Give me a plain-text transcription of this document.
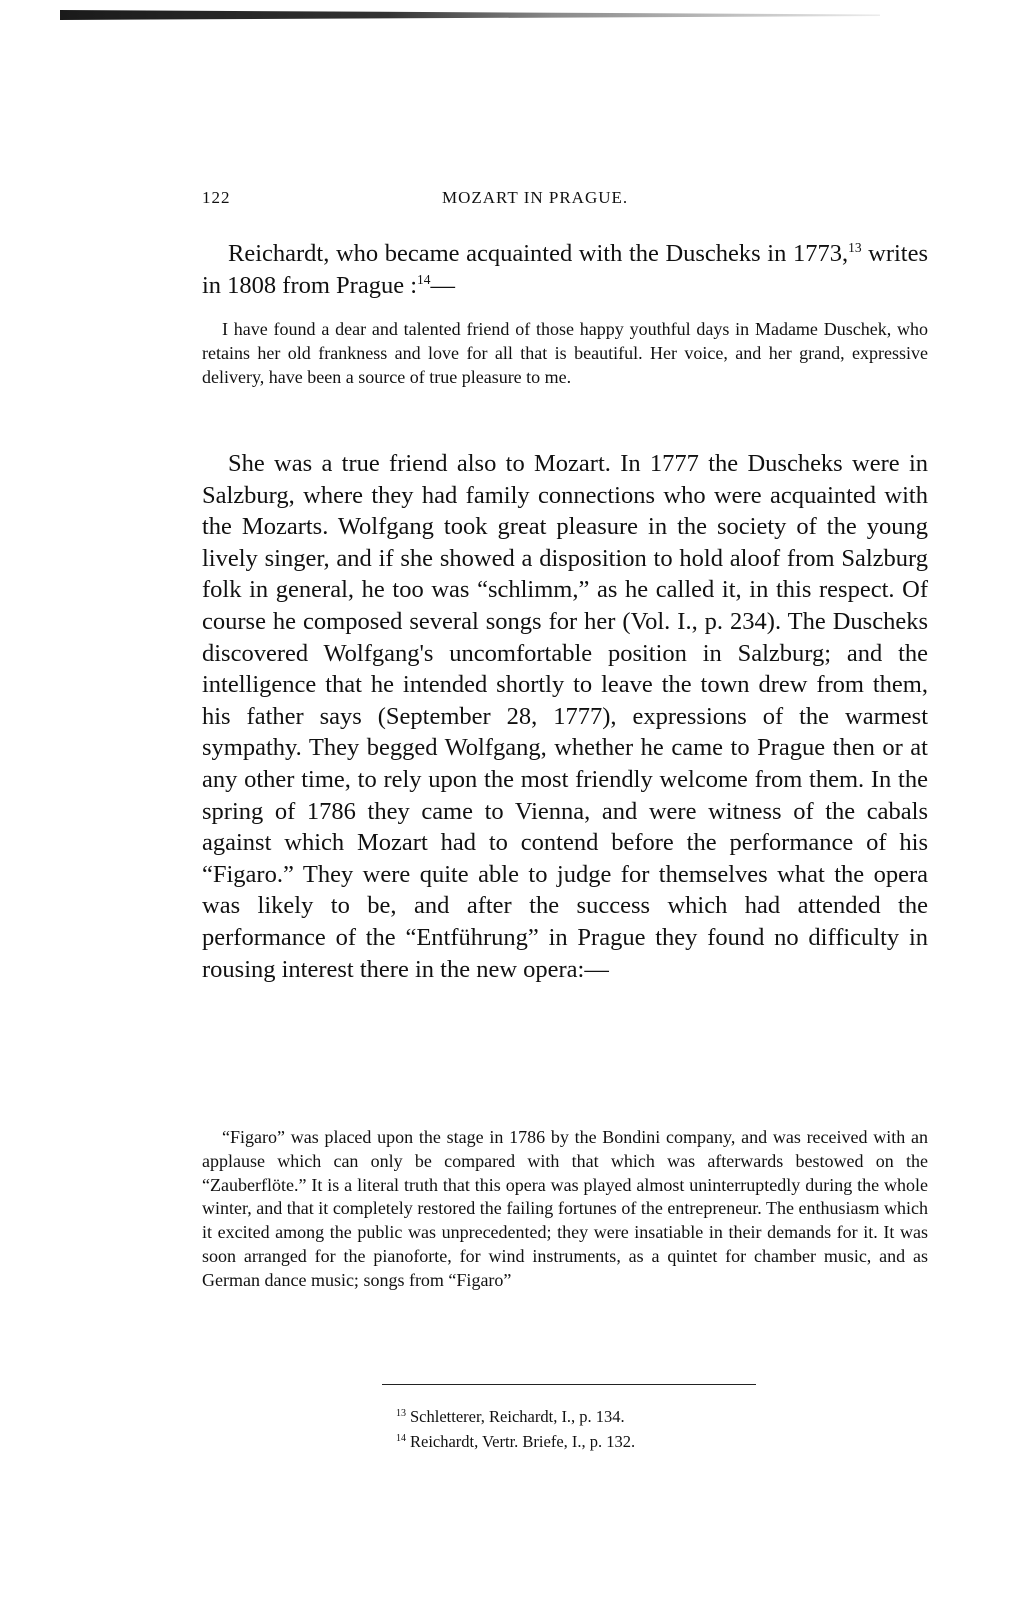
122	MOZART IN PRAGUE.

Reichardt, who became acquainted with the Duscheks in 1773,13 writes in 1808 from Prague :$^{14}$—

I have found a dear and talented friend of those happy youthful days in Madame Duschek, who retains her old frankness and love for all that is beautiful. Her voice, and her grand, expressive delivery, have been a source of true pleasure to me.

She was a true friend also to Mozart. In 1777 the Duscheks were in Salzburg, where they had family connections who were acquainted with the Mozarts. Wolfgang took great pleasure in the society of the young lively singer, and if she showed a disposition to hold aloof from Salzburg folk in general, he too was “schlimm,” as he called it, in this respect. Of course he composed several songs for her (Vol. I., p. 234). The Duscheks discovered Wolfgang's uncomfortable position in Salzburg; and the intelligence that he intended shortly to leave the town drew from them, his father says (September 28, 1777), expressions of the warmest sympathy. They begged Wolfgang, whether he came to Prague then or at any other time, to rely upon the most friendly welcome from them. In the spring of 1786 they came to Vienna, and were witness of the cabals against which Mozart had to contend before the performance of his “Figaro.” They were quite able to judge for themselves what the opera was likely to be, and after the success which had attended the performance of the “Entführung” in Prague they found no difficulty in rousing interest there in the new opera:—

“Figaro” was placed upon the stage in 1786 by the Bondini company, and was received with an applause which can only be compared with that which was afterwards bestowed on the “Zauberflöte.” It is a literal truth that this opera was played almost uninterruptedly during the whole winter, and that it completely restored the failing fortunes of the entrepreneur. The enthusiasm which it excited among the public was unprecedented; they were insatiable in their demands for it. It was soon arranged for the pianoforte, for wind instruments, as a quintet for chamber music, and as German dance music; songs from “Figaro”

$^{13}$ Schletterer, Reichardt, I., p. 134.
$^{14}$ Reichardt, Vertr. Briefe, I., p. 132.
